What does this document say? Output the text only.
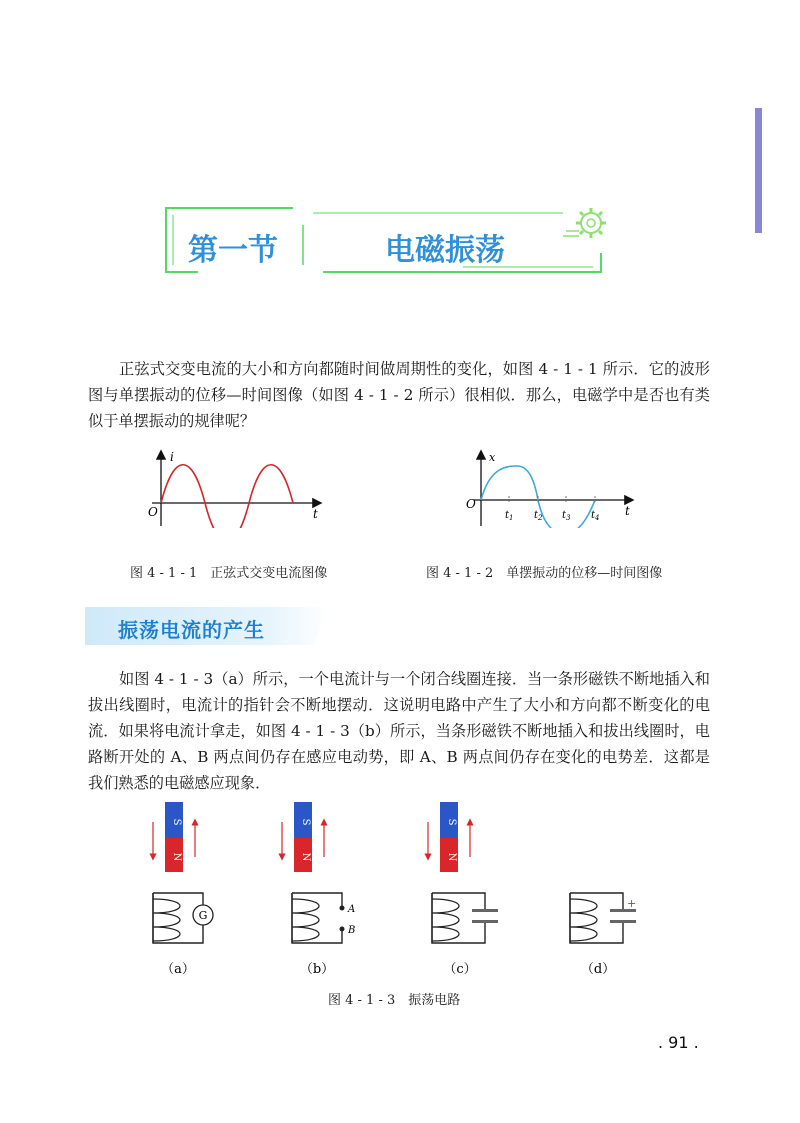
第一节	电磁振荡

正弦式交变电流的大小和方向都随时间做周期性的变化，如图 4 - 1 - 1 所示．它的波形图与单摆振动的位移—时间图像（如图 4 - 1 - 2 所示）很相似．那么，电磁学中是否也有类似于单摆振动的规律呢？

i
t
O
图 4 - 1 - 1　正弦式交变电流图像
x
t
O
$t_1$ $t_2$ $t_3$ $t_4$
图 4 - 1 - 2　单摆振动的位移—时间图像
振荡电流的产生

如图 4 - 1 - 3（a）所示，一个电流计与一个闭合线圈连接．当一条形磁铁不断地插入和拔出线圈时，电流计的指针会不断地摆动．这说明电路中产生了大小和方向都不断变化的电流．如果将电流计拿走，如图 4 - 1 - 3（b）所示，当条形磁铁不断地插入和拔出线圈时，电路断开处的 A、B 两点间仍存在感应电动势，即 A、B 两点间仍存在变化的电势差．这都是我们熟悉的电磁感应现象．

S
N
G
（a）
S
N
A
B
（b）
S
N
（c）
+
（d）
图 4 - 1 - 3　振荡电路
. 91 .
